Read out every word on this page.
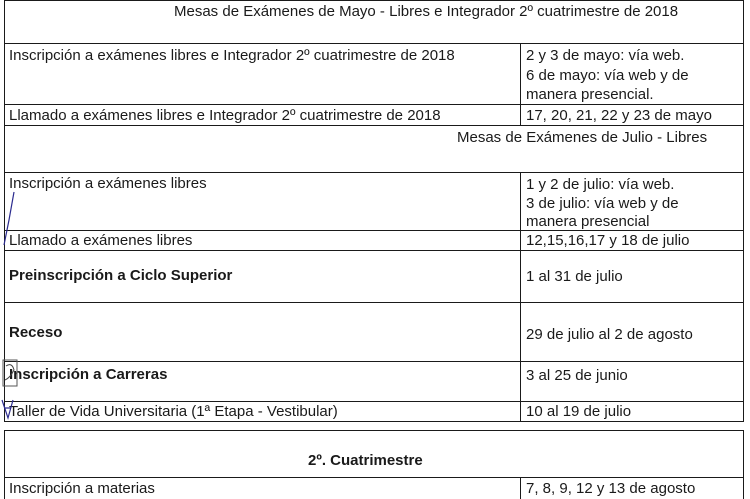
Mesas de Exámenes de Mayo - Libres e Integrador 2º cuatrimestre de 2018
Inscripción a exámenes libres e Integrador 2º cuatrimestre de 2018	2 y 3 de mayo: vía web.
6 de mayo: vía web y de
manera presencial.
Llamado a exámenes libres e Integrador 2º cuatrimestre de 2018	17, 20, 21, 22 y 23 de mayo
Mesas de Exámenes de Julio - Libres
Inscripción a exámenes libres	1 y 2 de julio: vía web.
3 de julio: vía web y de
manera presencial
Llamado a exámenes libres	12,15,16,17 y 18 de julio
Preinscripción a Ciclo Superior	1 al 31 de julio
Receso	29 de julio al 2 de agosto
Inscripción a Carreras	3 al 25 de junio
Taller de Vida Universitaria (1ª Etapa - Vestibular)	10 al 19 de julio
2º. Cuatrimestre
Inscripción a materias	7, 8, 9, 12 y 13 de agosto
